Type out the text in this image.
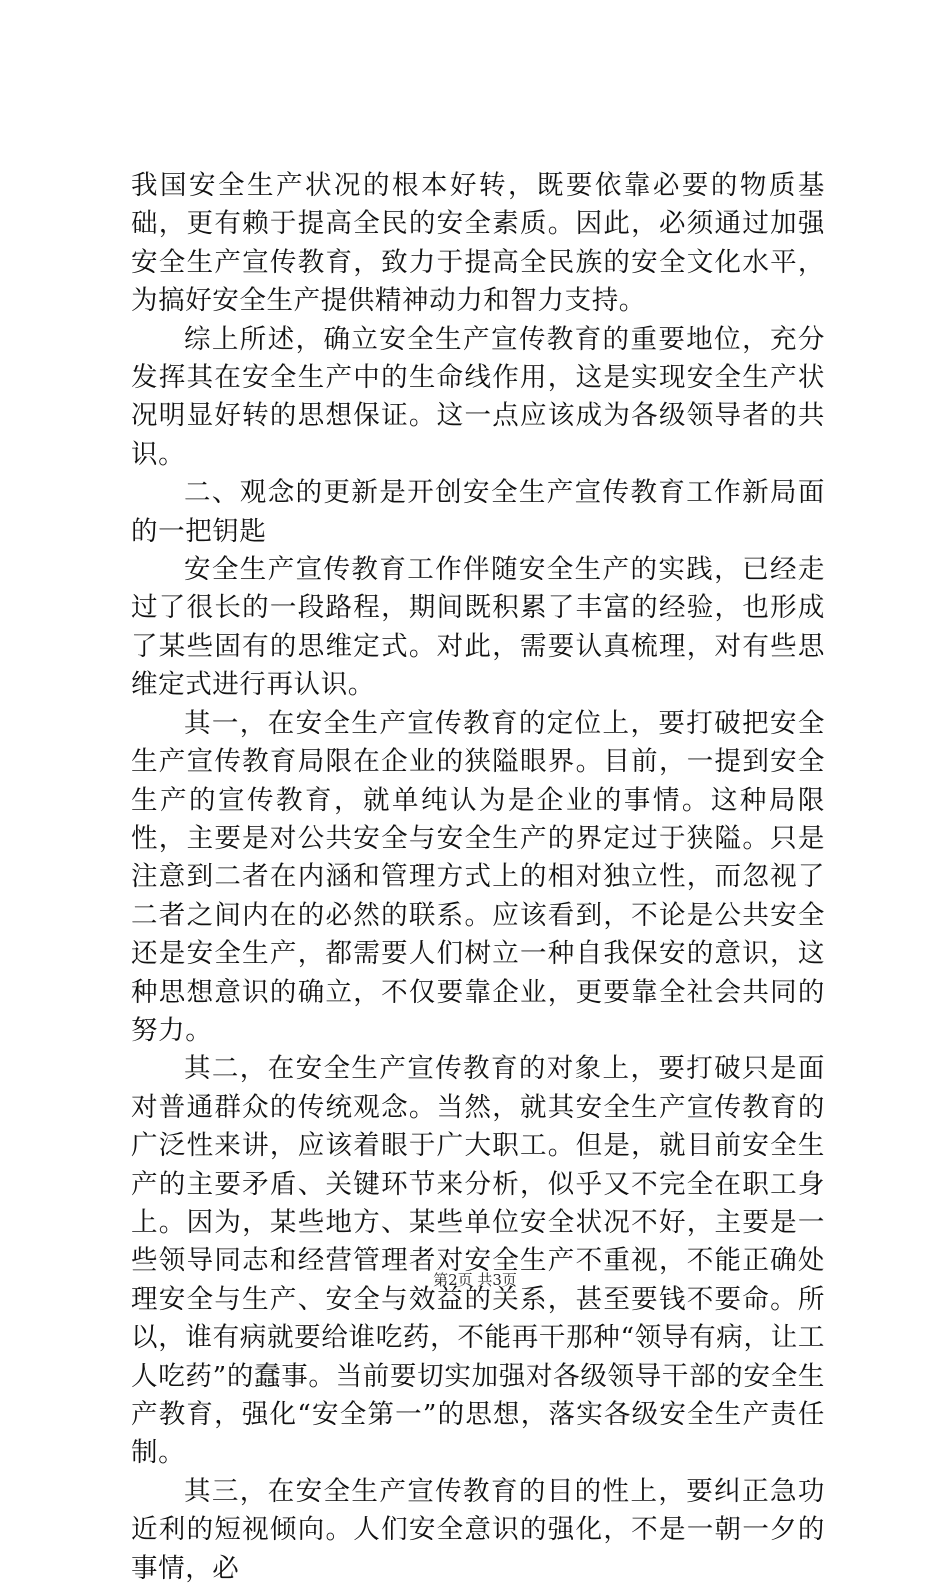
我国安全生产状况的根本好转，既要依靠必要的物质基础，更有赖于提高全民的安全素质。因此，必须通过加强安全生产宣传教育，致力于提高全民族的安全文化水平，为搞好安全生产提供精神动力和智力支持。

综上所述，确立安全生产宣传教育的重要地位，充分发挥其在安全生产中的生命线作用，这是实现安全生产状况明显好转的思想保证。这一点应该成为各级领导者的共识。

二、观念的更新是开创安全生产宣传教育工作新局面的一把钥匙

安全生产宣传教育工作伴随安全生产的实践，已经走过了很长的一段路程，期间既积累了丰富的经验，也形成了某些固有的思维定式。对此，需要认真梳理，对有些思维定式进行再认识。

其一，在安全生产宣传教育的定位上，要打破把安全生产宣传教育局限在企业的狭隘眼界。目前，一提到安全生产的宣传教育，就单纯认为是企业的事情。这种局限性，主要是对公共安全与安全生产的界定过于狭隘。只是注意到二者在内涵和管理方式上的相对独立性，而忽视了二者之间内在的必然的联系。应该看到，不论是公共安全还是安全生产，都需要人们树立一种自我保安的意识，这种思想意识的确立，不仅要靠企业，更要靠全社会共同的努力。

其二，在安全生产宣传教育的对象上，要打破只是面对普通群众的传统观念。当然，就其安全生产宣传教育的广泛性来讲，应该着眼于广大职工。但是，就目前安全生产的主要矛盾、关键环节来分析，似乎又不完全在职工身上。因为，某些地方、某些单位安全状况不好，主要是一些领导同志和经营管理者对安全生产不重视，不能正确处理安全与生产、安全与效益的关系，甚至要钱不要命。所以，谁有病就要给谁吃药，不能再干那种“领导有病，让工人吃药”的蠢事。当前要切实加强对各级领导干部的安全生产教育，强化“安全第一”的思想，落实各级安全生产责任制。

其三，在安全生产宣传教育的目的性上，要纠正急功近利的短视倾向。人们安全意识的强化，不是一朝一夕的事情，必

第2页 共3页
